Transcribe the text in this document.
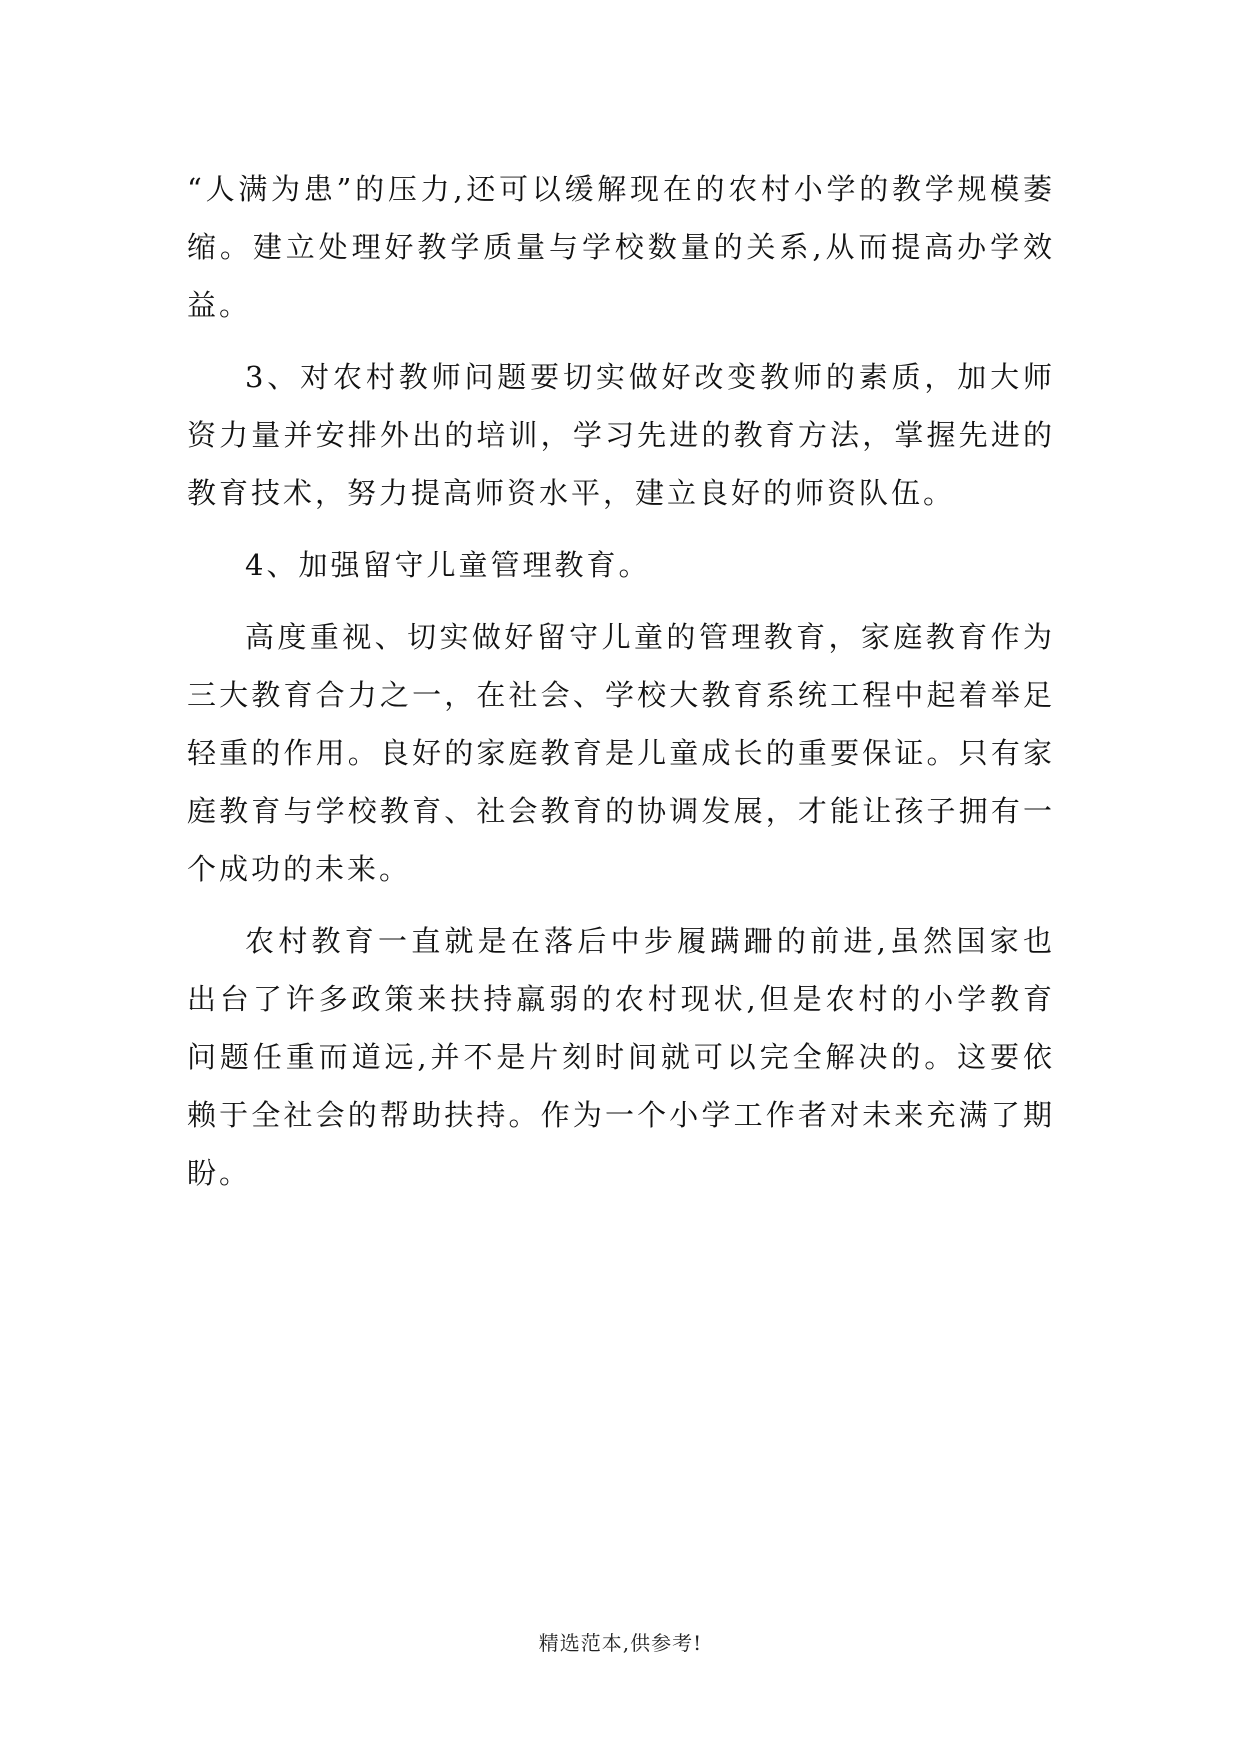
“人满为患”的压力,还可以缓解现在的农村小学的教学规模萎缩。建立处理好教学质量与学校数量的关系,从而提高办学效益。

3、对农村教师问题要切实做好改变教师的素质，加大师资力量并安排外出的培训，学习先进的教育方法，掌握先进的教育技术，努力提高师资水平，建立良好的师资队伍。

4、加强留守儿童管理教育。

高度重视、切实做好留守儿童的管理教育，家庭教育作为三大教育合力之一，在社会、学校大教育系统工程中起着举足轻重的作用。良好的家庭教育是儿童成长的重要保证。只有家庭教育与学校教育、社会教育的协调发展，才能让孩子拥有一个成功的未来。

农村教育一直就是在落后中步履蹒跚的前进,虽然国家也出台了许多政策来扶持羸弱的农村现状,但是农村的小学教育问题任重而道远,并不是片刻时间就可以完全解决的。这要依赖于全社会的帮助扶持。作为一个小学工作者对未来充满了期盼。

精选范本,供参考!
